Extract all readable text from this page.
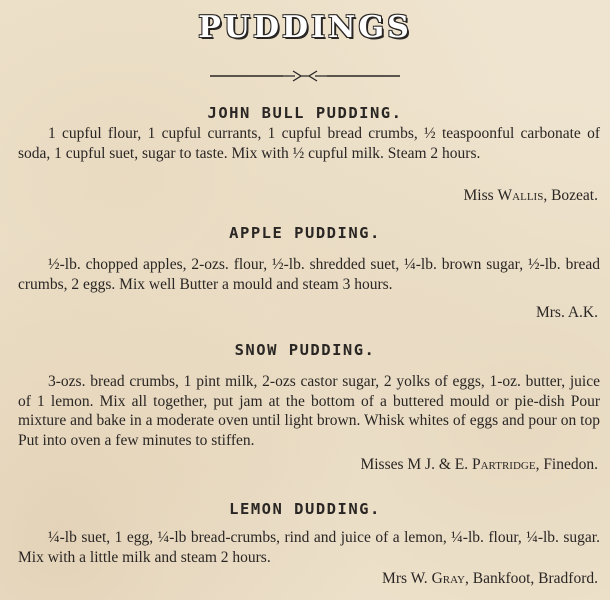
PUDDINGS
JOHN BULL PUDDING.

1 cupful flour, 1 cupful currants, 1 cupful bread crumbs, ½ teaspoonful carbonate of soda, 1 cupful suet, sugar to taste. Mix with ½ cupful milk. Steam 2 hours.

Miss Wallis, Bozeat.
APPLE PUDDING.

½-lb. chopped apples, 2-ozs. flour, ½-lb. shredded suet, ¼-lb. brown sugar, ½-lb. bread crumbs, 2 eggs. Mix well Butter a mould and steam 3 hours.

Mrs. A.K.
SNOW PUDDING.

3-ozs. bread crumbs, 1 pint milk, 2-ozs castor sugar, 2 yolks of eggs, 1-oz. butter, juice of 1 lemon. Mix all together, put jam at the bottom of a buttered mould or pie-dish Pour mixture and bake in a moderate oven until light brown. Whisk whites of eggs and pour on top Put into oven a few minutes to stiffen.

Misses M J. & E. Partridge, Finedon.
LEMON DUDDING.

¼-lb suet, 1 egg, ¼-lb bread-crumbs, rind and juice of a lemon, ¼-lb. flour, ¼-lb. sugar. Mix with a little milk and steam 2 hours.

Mrs W. Gray, Bankfoot, Bradford.
